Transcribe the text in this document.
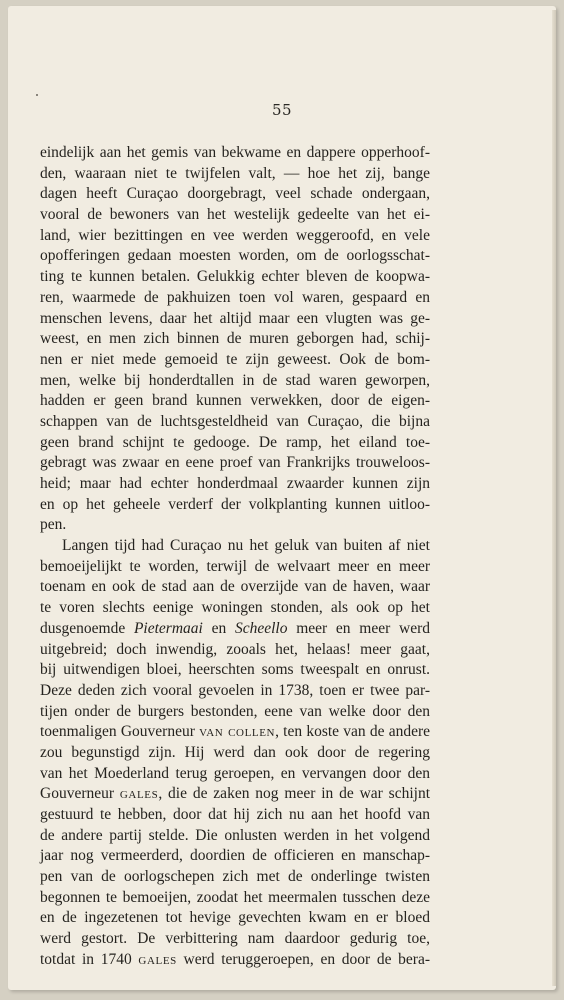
55
eindelijk aan het gemis van bekwame en dappere opperhoof-
den, waaraan niet te twijfelen valt, — hoe het zij, bange
dagen heeft Curaçao doorgebragt, veel schade ondergaan,
vooral de bewoners van het westelijk gedeelte van het ei-
land, wier bezittingen en vee werden weggeroofd, en vele
opofferingen gedaan moesten worden, om de oorlogsschat-
ting te kunnen betalen. Gelukkig echter bleven de koopwa-
ren, waarmede de pakhuizen toen vol waren, gespaard en
menschen levens, daar het altijd maar een vlugten was ge-
weest, en men zich binnen de muren geborgen had, schij-
nen er niet mede gemoeid te zijn geweest. Ook de bom-
men, welke bij honderdtallen in de stad waren geworpen,
hadden er geen brand kunnen verwekken, door de eigen-
schappen van de luchtsgesteldheid van Curaçao, die bijna
geen brand schijnt te gedooge. De ramp, het eiland toe-
gebragt was zwaar en eene proef van Frankrijks trouweloos-
heid; maar had echter honderdmaal zwaarder kunnen zijn
en op het geheele verderf der volkplanting kunnen uitloo-
pen.
Langen tijd had Curaçao nu het geluk van buiten af niet
bemoeijelijkt te worden, terwijl de welvaart meer en meer
toenam en ook de stad aan de overzijde van de haven, waar
te voren slechts eenige woningen stonden, als ook op het
dusgenoemde Pietermaai en Scheello meer en meer werd
uitgebreid; doch inwendig, zooals het, helaas! meer gaat,
bij uitwendigen bloei, heerschten soms tweespalt en onrust.
Deze deden zich vooral gevoelen in 1738, toen er twee par-
tijen onder de burgers bestonden, eene van welke door den
toenmaligen Gouverneur van collen, ten koste van de andere
zou begunstigd zijn. Hij werd dan ook door de regering
van het Moederland terug geroepen, en vervangen door den
Gouverneur gales, die de zaken nog meer in de war schijnt
gestuurd te hebben, door dat hij zich nu aan het hoofd van
de andere partij stelde. Die onlusten werden in het volgend
jaar nog vermeerderd, doordien de officieren en manschap-
pen van de oorlogschepen zich met de onderlinge twisten
begonnen te bemoeijen, zoodat het meermalen tusschen deze
en de ingezetenen tot hevige gevechten kwam en er bloed
werd gestort. De verbittering nam daardoor gedurig toe,
totdat in 1740 gales werd teruggeroepen, en door de bera-
